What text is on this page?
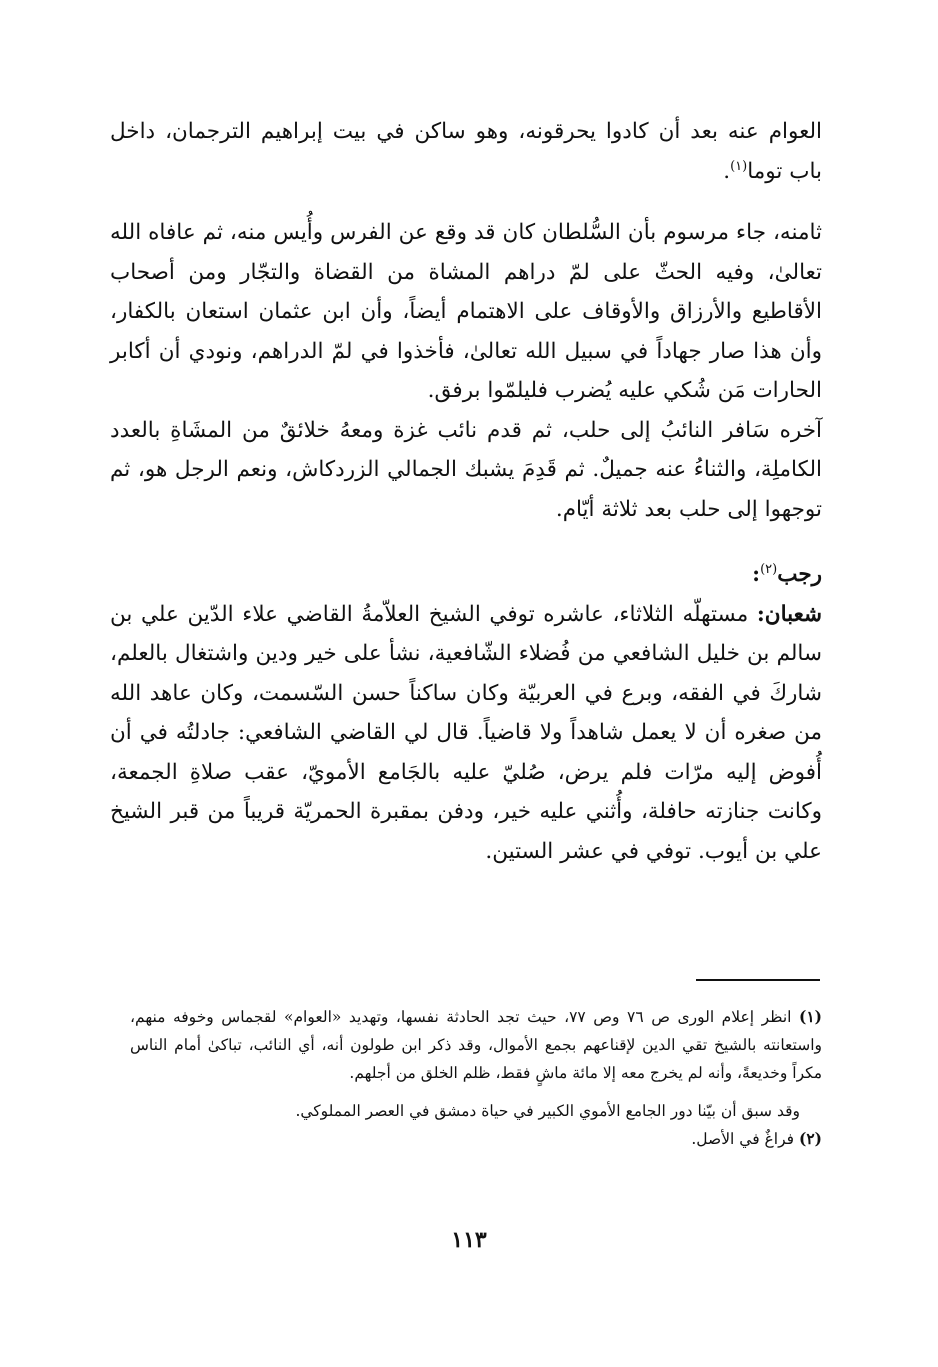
العوام عنه بعد أن كادوا يحرقونه، وهو ساكن في بيت إبراهيم الترجمان، داخل باب توما$^{(١)}$.

ثامنه، جاء مرسوم بأن السُّلطان كان قد وقع عن الفرس وأُيس منه، ثم عافاه الله تعالىٰ، وفيه الحثّ على لمّ دراهم المشاة من القضاة والتجّار ومن أصحاب الأقاطيع والأرزاق والأوقاف على الاهتمام أيضاً، وأن ابن عثمان استعان بالكفار، وأن هذا صار جهاداً في سبيل الله تعالىٰ، فأخذوا في لمّ الدراهم، ونودي أن أكابر الحارات مَن شُكي عليه يُضرب فليلمّوا برفق.

آخره سَافر النائبُ إلى حلب، ثم قدم نائب غزة ومعهُ خلائقٌ من المشَاةِ بالعدد الكاملِة، والثناءُ عنه جميلٌ. ثم قَدِمَ يشبك الجمالي الزردكاش، ونعم الرجل هو، ثم توجهوا إلى حلب بعد ثلاثة أيّام.

رجب$^{(٢)}$:

شعبان: مستهلّه الثلاثاء، عاشره توفي الشيخ العلاّمةُ القاضي علاء الدّين علي بن سالم بن خليل الشافعي من فُضلاء الشّافعية، نشأ على خير ودين واشتغال بالعلم، شاركَ في الفقه، وبرع في العربيّة وكان ساكناً حسن السّسمت، وكان عاهد الله من صغره أن لا يعمل شاهداً ولا قاضياً. قال لي القاضي الشافعي: جادلتُه في أن أُفوض إليه مرّات فلم يرض، صُليّ عليه بالجَامع الأمويّ، عقب صلاةِ الجمعة، وكانت جنازته حافلة، وأُثني عليه خير، ودفن بمقبرة الحمريّة قريباً من قبر الشيخ علي بن أيوب. توفي في عشر الستين.

(١) انظر إعلام الورى ص ٧٦ وص ٧٧، حيث تجد الحادثة نفسها، وتهديد «العوام» لقجماس وخوفه منهم، واستعانته بالشيخ تقي الدين لإقناعهم بجمع الأموال، وقد ذكر ابن طولون أنه، أي النائب، تباكىٰ أمام الناس مكراً وخديعةً، وأنه لم يخرج معه إلا مائة ماشٍ فقط، ظلم الخلق من أجلهم.

وقد سبق أن بيّنا دور الجامع الأموي الكبير في حياة دمشق في العصر المملوكي.

(٢) فراغٌ في الأصل.

١١٣
